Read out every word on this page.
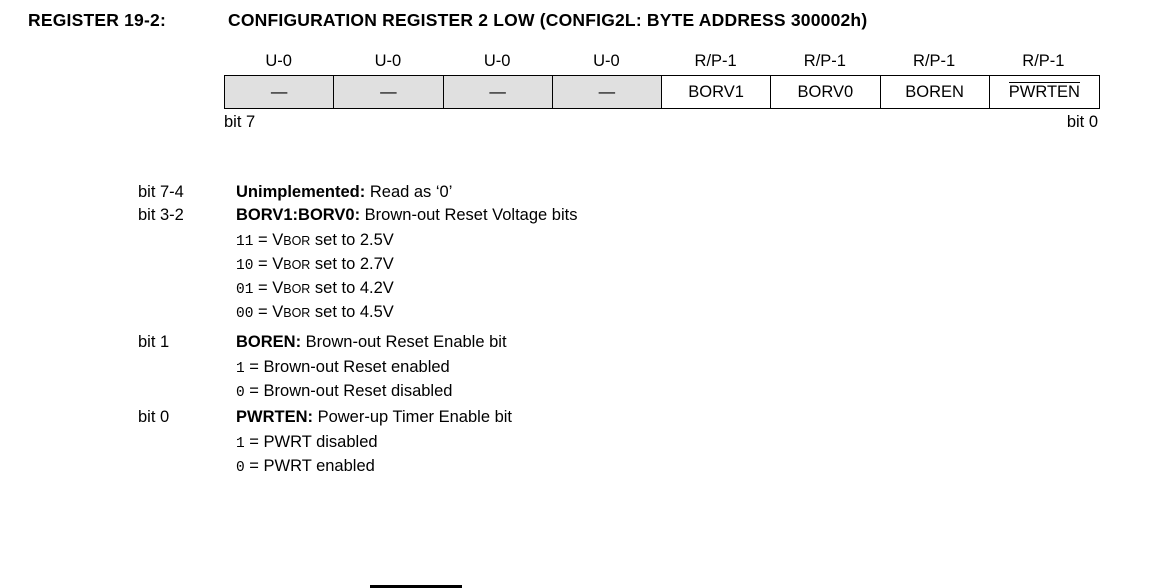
REGISTER 19-2:	CONFIGURATION REGISTER 2 LOW (CONFIG2L: BYTE ADDRESS 300002h)
U-0	U-0	U-0	U-0	R/P-1	R/P-1	R/P-1	R/P-1
—	—	—	—	BORV1	BORV0	BOREN	PWRTEN
bit 7	bit 0
bit 7-4	Unimplemented: Read as ‘0’
bit 3-2	BORV1:BORV0: Brown-out Reset Voltage bits
11 = VBOR set to 2.5V
10 = VBOR set to 2.7V
01 = VBOR set to 4.2V
00 = VBOR set to 4.5V
bit 1	BOREN: Brown-out Reset Enable bit
1 = Brown-out Reset enabled
0 = Brown-out Reset disabled
bit 0	PWRTEN: Power-up Timer Enable bit
1 = PWRT disabled
0 = PWRT enabled
